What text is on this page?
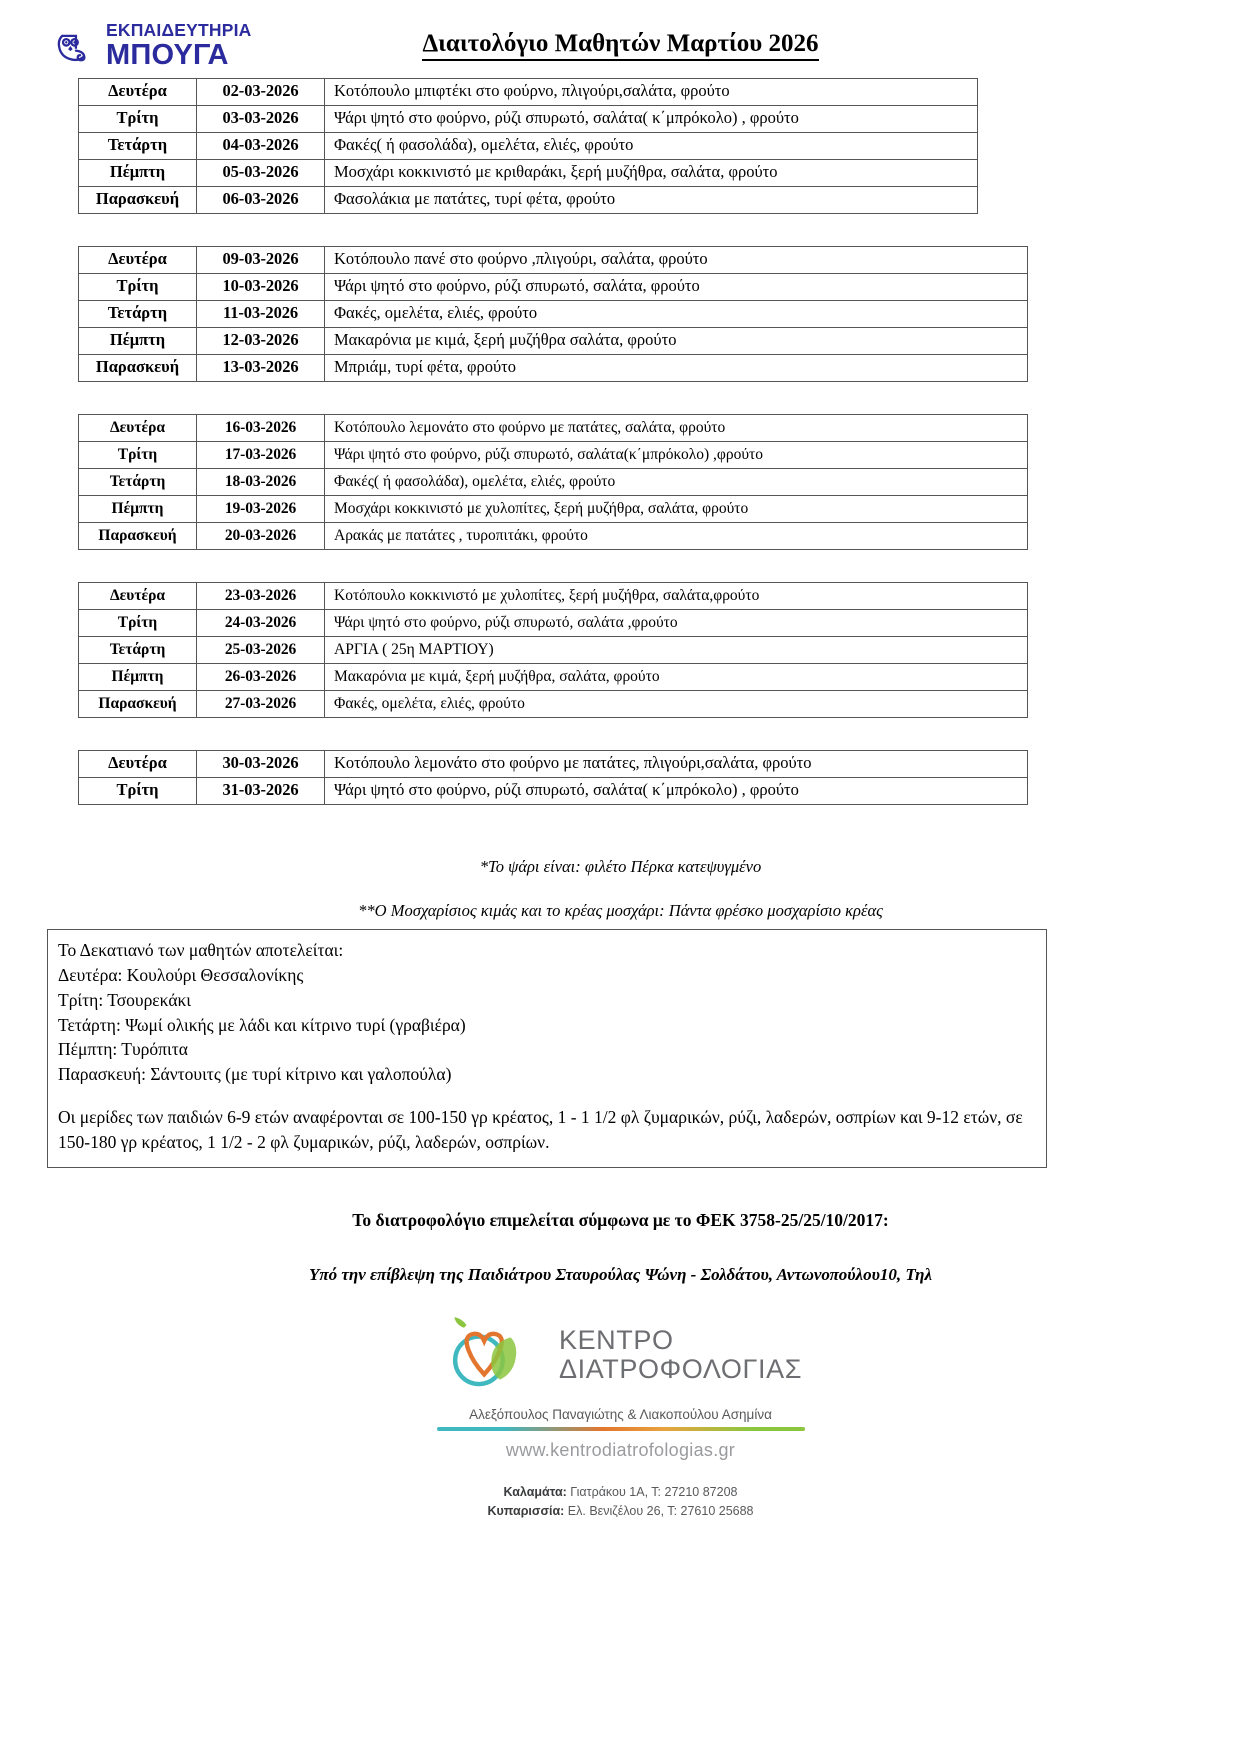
ΕΚΠΑΙΔΕΥΤΗΡΙΑ
ΜΠΟΥΓΑ	Διαιτολόγιο Μαθητών Μαρτίου 2026
Δευτέρα	02-03-2026	Κοτόπουλο μπιφτέκι στο φούρνο, πλιγούρι,σαλάτα, φρούτο
Τρίτη	03-03-2026	Ψάρι ψητό στο φούρνο, ρύζι σπυρωτό, σαλάτα( κ΄μπρόκολο) , φρούτο
Τετάρτη	04-03-2026	Φακές( ή φασολάδα), ομελέτα, ελιές, φρούτο
Πέμπτη	05-03-2026	Μοσχάρι κοκκινιστό με κριθαράκι, ξερή μυζήθρα, σαλάτα, φρούτο
Παρασκευή	06-03-2026	Φασολάκια με πατάτες, τυρί φέτα, φρούτο
Δευτέρα	09-03-2026	Κοτόπουλο πανέ στο φούρνο ,πλιγούρι, σαλάτα, φρούτο
Τρίτη	10-03-2026	Ψάρι ψητό στο φούρνο, ρύζι σπυρωτό, σαλάτα, φρούτο
Τετάρτη	11-03-2026	Φακές, ομελέτα, ελιές, φρούτο
Πέμπτη	12-03-2026	Μακαρόνια με κιμά, ξερή μυζήθρα σαλάτα, φρούτο
Παρασκευή	13-03-2026	Μπριάμ, τυρί φέτα, φρούτο
Δευτέρα	16-03-2026	Κοτόπουλο λεμονάτο στο φούρνο με πατάτες, σαλάτα, φρούτο
Τρίτη	17-03-2026	Ψάρι ψητό στο φούρνο, ρύζι σπυρωτό, σαλάτα(κ΄μπρόκολο) ,φρούτο
Τετάρτη	18-03-2026	Φακές( ή φασολάδα), ομελέτα, ελιές, φρούτο
Πέμπτη	19-03-2026	Μοσχάρι κοκκινιστό με χυλοπίτες, ξερή μυζήθρα, σαλάτα, φρούτο
Παρασκευή	20-03-2026	Αρακάς με πατάτες , τυροπιτάκι, φρούτο
Δευτέρα	23-03-2026	Κοτόπουλο κοκκινιστό με χυλοπίτες, ξερή μυζήθρα, σαλάτα,φρούτο
Τρίτη	24-03-2026	Ψάρι ψητό στο φούρνο, ρύζι σπυρωτό, σαλάτα ,φρούτο
Τετάρτη	25-03-2026	ΑΡΓΙΑ ( 25η ΜΑΡΤΙΟΥ)
Πέμπτη	26-03-2026	Μακαρόνια με κιμά, ξερή μυζήθρα, σαλάτα, φρούτο
Παρασκευή	27-03-2026	Φακές, ομελέτα, ελιές, φρούτο
Δευτέρα	30-03-2026	Κοτόπουλο λεμονάτο στο φούρνο με πατάτες, πλιγούρι,σαλάτα, φρούτο
Τρίτη	31-03-2026	Ψάρι ψητό στο φούρνο, ρύζι σπυρωτό, σαλάτα( κ΄μπρόκολο) , φρούτο

*Το ψάρι είναι: φιλέτο Πέρκα κατεψυγμένο

**Ο Μοσχαρίσιος κιμάς και το κρέας μοσχάρι: Πάντα φρέσκο μοσχαρίσιο κρέας

Το Δεκατιανό των μαθητών αποτελείται:

Δευτέρα: Κουλούρι Θεσσαλονίκης

Τρίτη: Τσουρεκάκι

Τετάρτη: Ψωμί ολικής με λάδι και κίτρινο τυρί (γραβιέρα)

Πέμπτη: Τυρόπιτα

Παρασκευή: Σάντουιτς (με τυρί κίτρινο και γαλοπούλα)

Οι μερίδες των παιδιών 6-9 ετών αναφέρονται σε 100-150 γρ κρέατος, 1 - 1 1/2 φλ ζυμαρικών, ρύζι, λαδερών, οσπρίων και 9-12 ετών, σε 150-180 γρ κρέατος, 1 1/2 - 2 φλ ζυμαρικών, ρύζι, λαδερών, οσπρίων.

Το διατροφολόγιο επιμελείται σύμφωνα με το ΦΕΚ 3758-25/25/10/2017:

Υπό την επίβλεψη της Παιδιάτρου Σταυρούλας Ψώνη - Σολδάτου, Αντωνοπούλου10, Τηλ

ΚΕΝΤΡΟ
ΔΙΑΤΡΟΦΟΛΟΓΙΑΣ
Αλεξόπουλος Παναγιώτης & Λιακοπούλου Ασημίνα
www.kentrodiatrofologias.gr
Καλαμάτα: Γιατράκου 1Α, Τ: 27210 87208
Κυπαρισσία: Ελ. Βενιζέλου 26, Τ: 27610 25688
